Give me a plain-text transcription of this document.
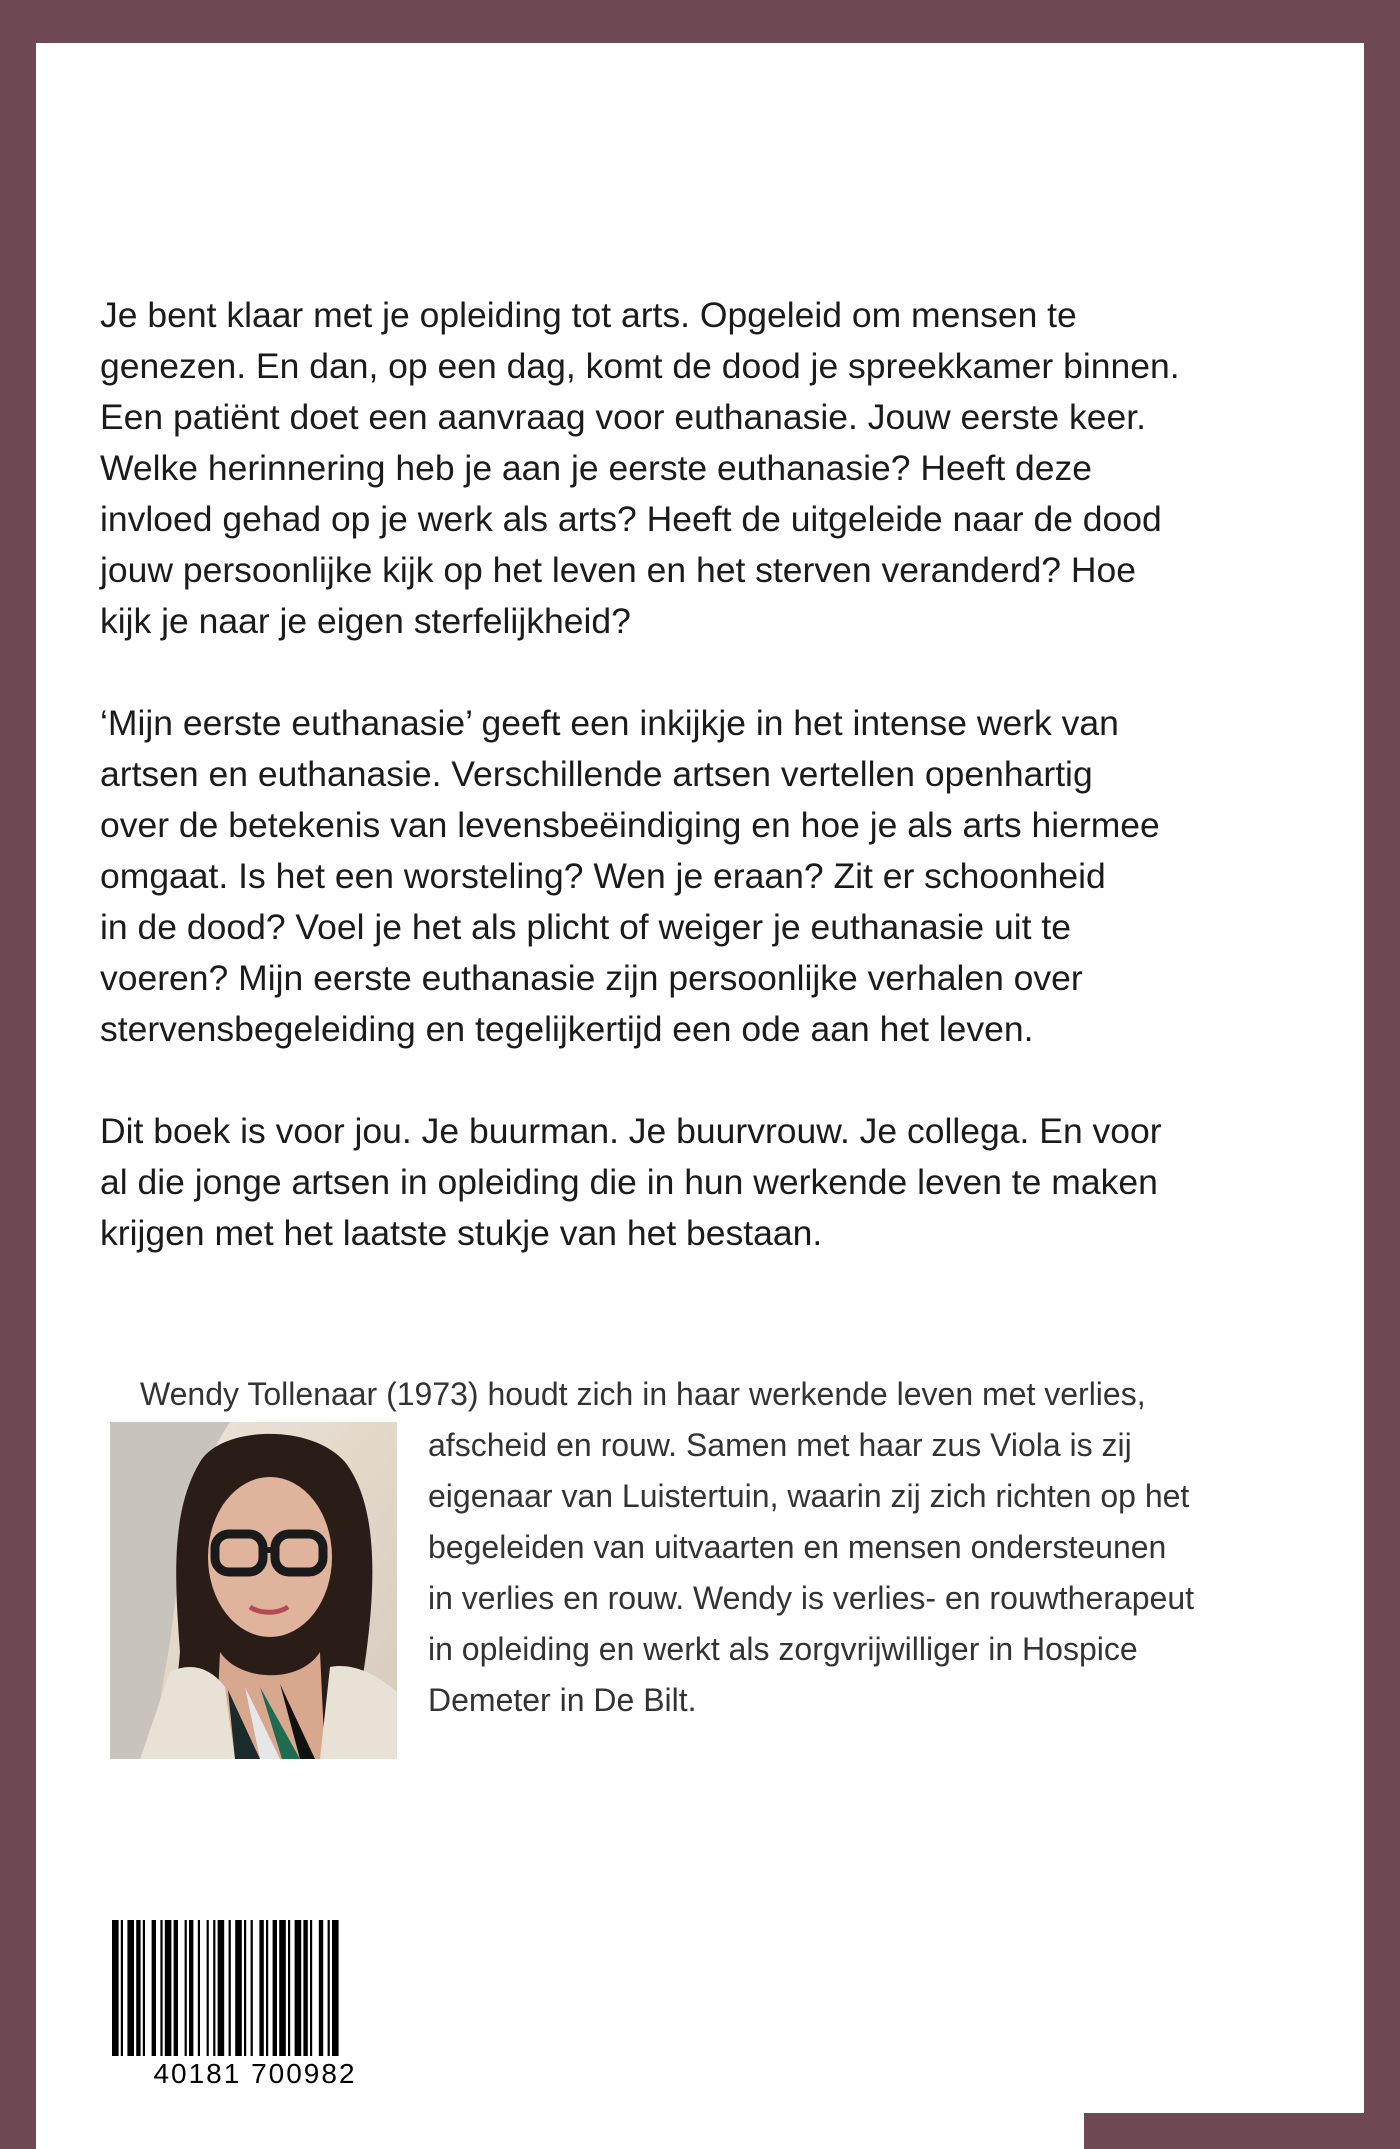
Je bent klaar met je opleiding tot arts. Opgeleid om mensen te
genezen. En dan, op een dag, komt de dood je spreekkamer binnen.
Een patiënt doet een aanvraag voor euthanasie. Jouw eerste keer.
Welke herinnering heb je aan je eerste euthanasie? Heeft deze
invloed gehad op je werk als arts? Heeft de uitgeleide naar de dood
jouw persoonlijke kijk op het leven en het sterven veranderd? Hoe
kijk je naar je eigen sterfelijkheid?

‘Mijn eerste euthanasie’ geeft een inkijkje in het intense werk van
artsen en euthanasie. Verschillende artsen vertellen openhartig
over de betekenis van levensbeëindiging en hoe je als arts hiermee
omgaat. Is het een worsteling? Wen je eraan? Zit er schoonheid
in de dood? Voel je het als plicht of weiger je euthanasie uit te
voeren? Mijn eerste euthanasie zijn persoonlijke verhalen over
stervensbegeleiding en tegelijkertijd een ode aan het leven.

Dit boek is voor jou. Je buurman. Je buurvrouw. Je collega. En voor
al die jonge artsen in opleiding die in hun werkende leven te maken
krijgen met het laatste stukje van het bestaan.

Wendy Tollenaar (1973) houdt zich in haar werkende leven met verlies,
afscheid en rouw. Samen met haar zus Viola is zij
eigenaar van Luistertuin, waarin zij zich richten op het
begeleiden van uitvaarten en mensen ondersteunen
in verlies en rouw. Wendy is verlies- en rouwtherapeut
in opleiding en werkt als zorgvrijwilliger in Hospice
Demeter in De Bilt.
40181 700982
